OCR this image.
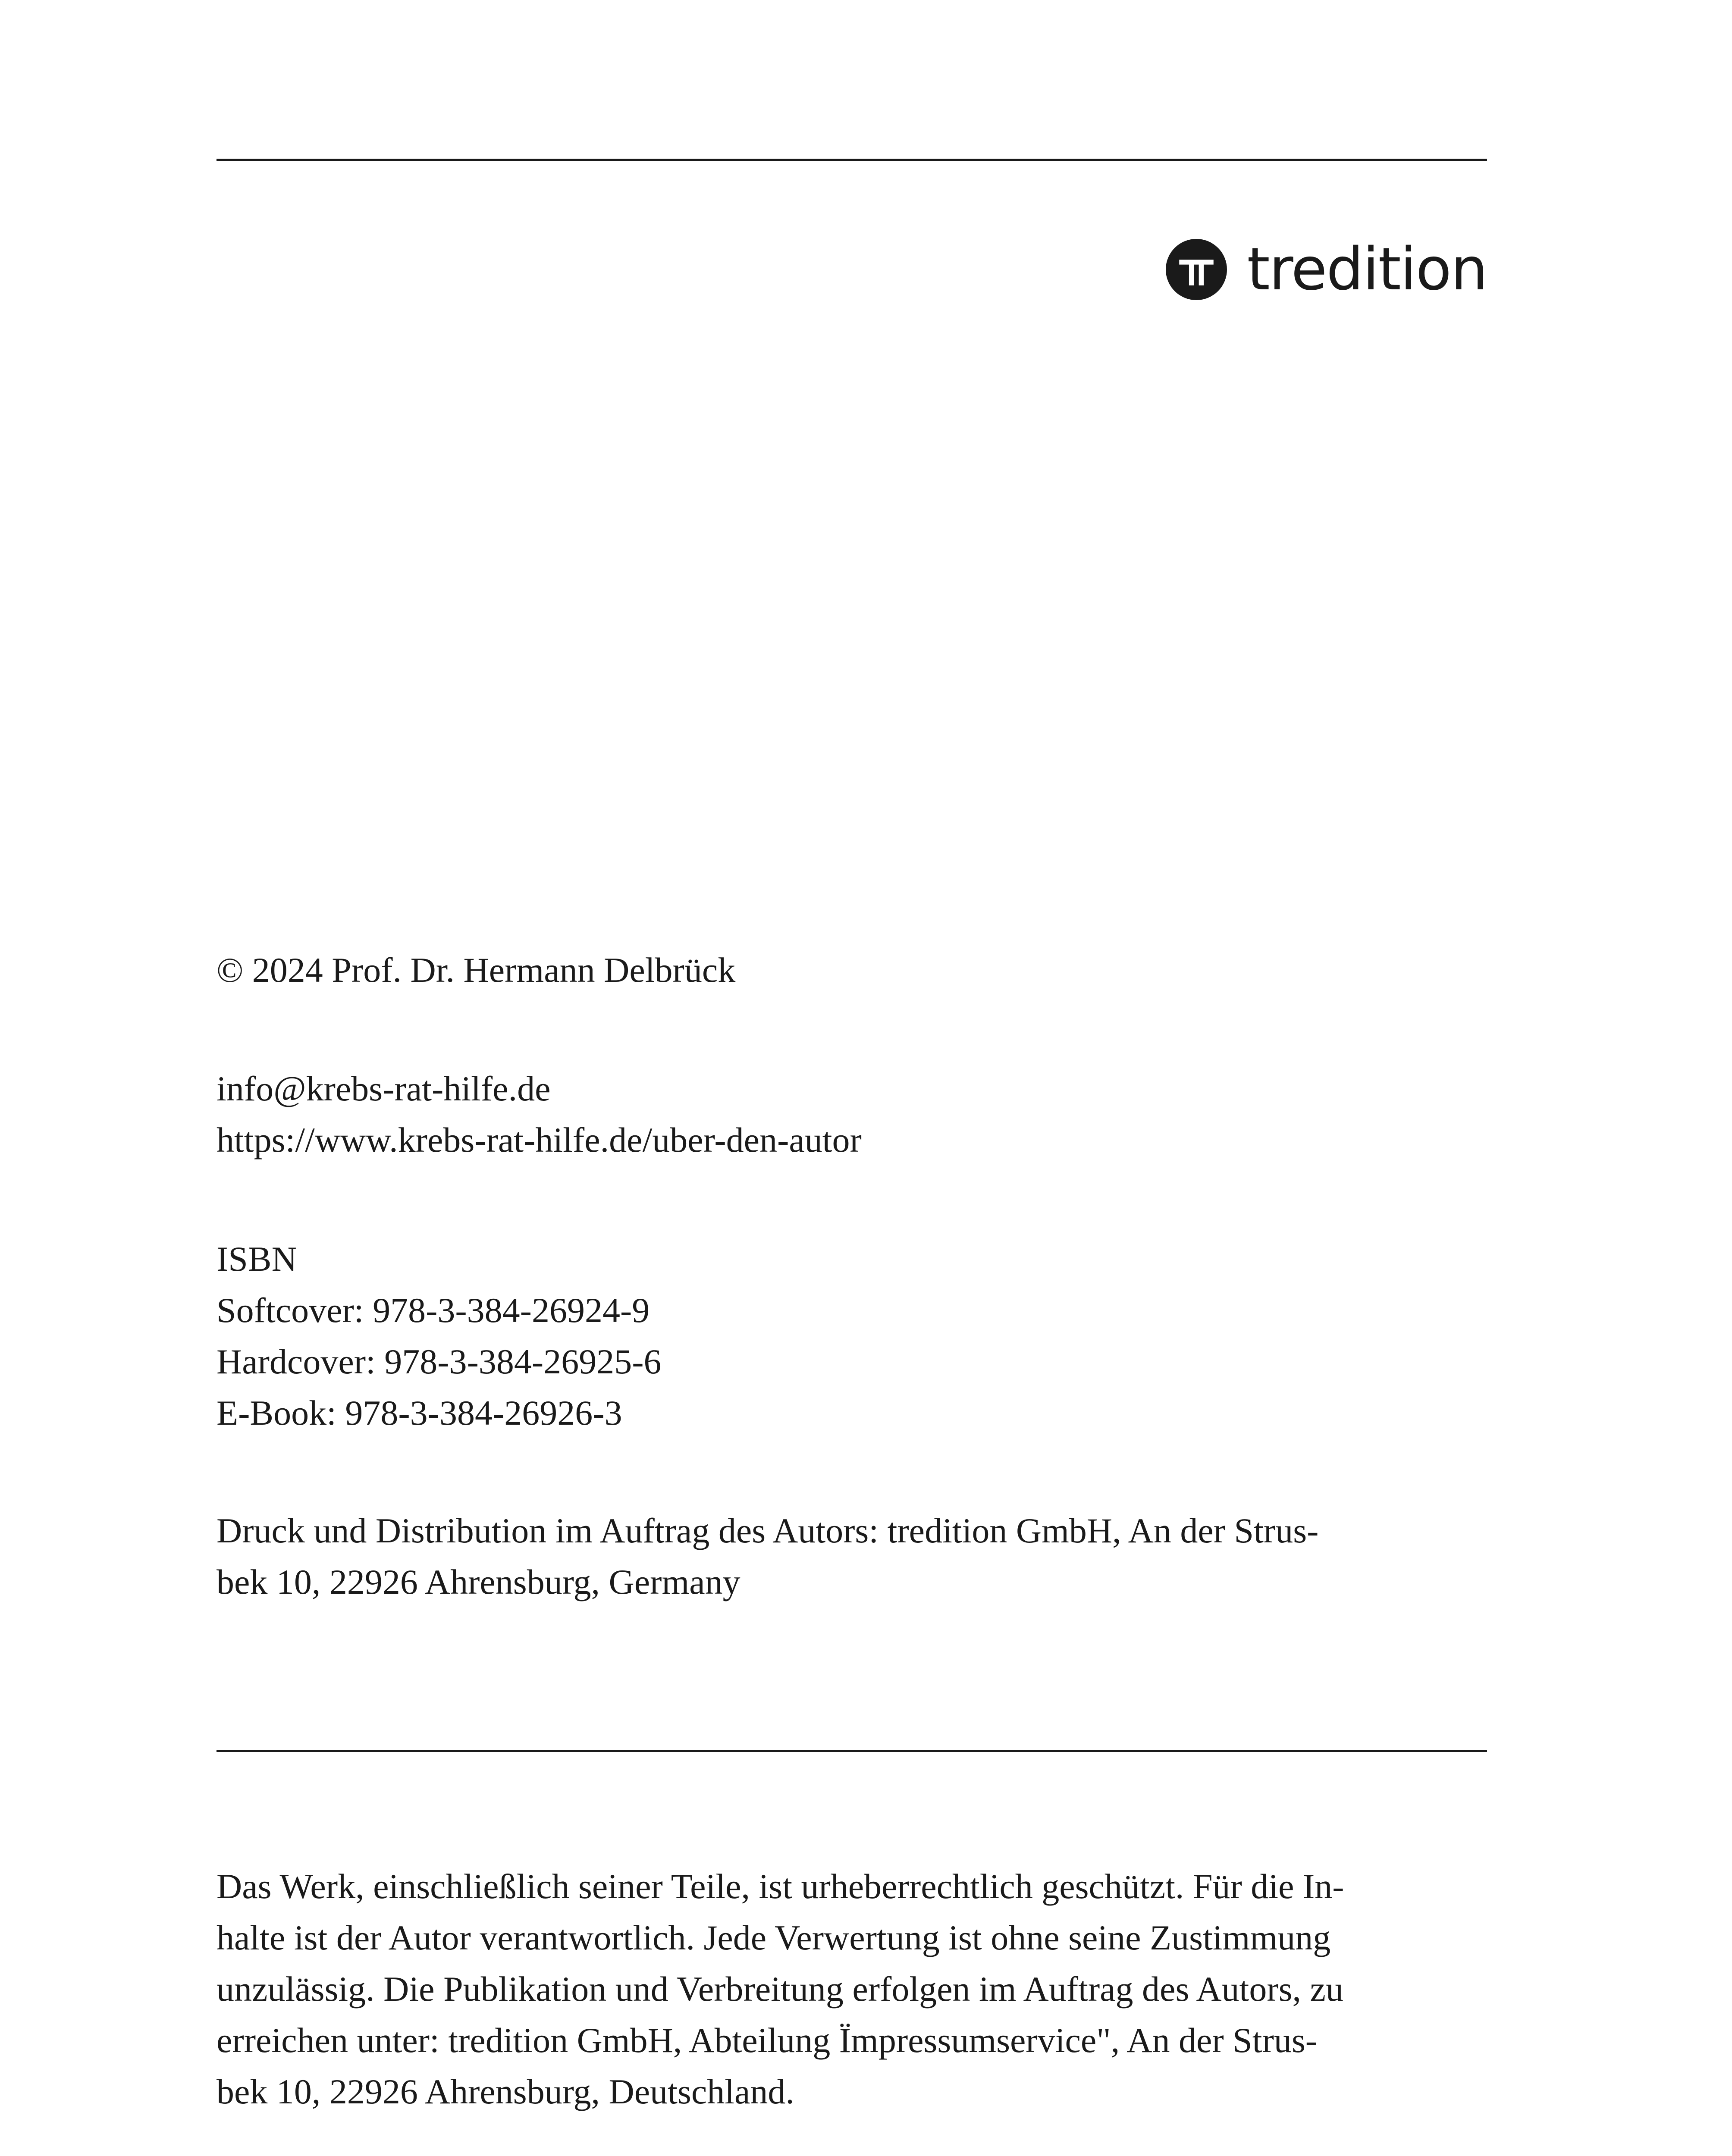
tredition

© 2024 Prof. Dr. Hermann Delbrück

info@krebs-rat-hilfe.de
https://www.krebs-rat-hilfe.de/uber-den-autor

ISBN
Softcover: 978-3-384-26924-9
Hardcover: 978-3-384-26925-6
E-Book: 978-3-384-26926-3

Druck und Distribution im Auftrag des Autors: tredition GmbH, An der Strus-
bek 10, 22926 Ahrensburg, Germany

Das Werk, einschließlich seiner Teile, ist urheberrechtlich geschützt. Für die In-
halte ist der Autor verantwortlich. Jede Verwertung ist ohne seine Zustimmung
unzulässig. Die Publikation und Verbreitung erfolgen im Auftrag des Autors, zu
erreichen unter: tredition GmbH, Abteilung Ïmpressumservice", An der Strus-
bek 10, 22926 Ahrensburg, Deutschland.
